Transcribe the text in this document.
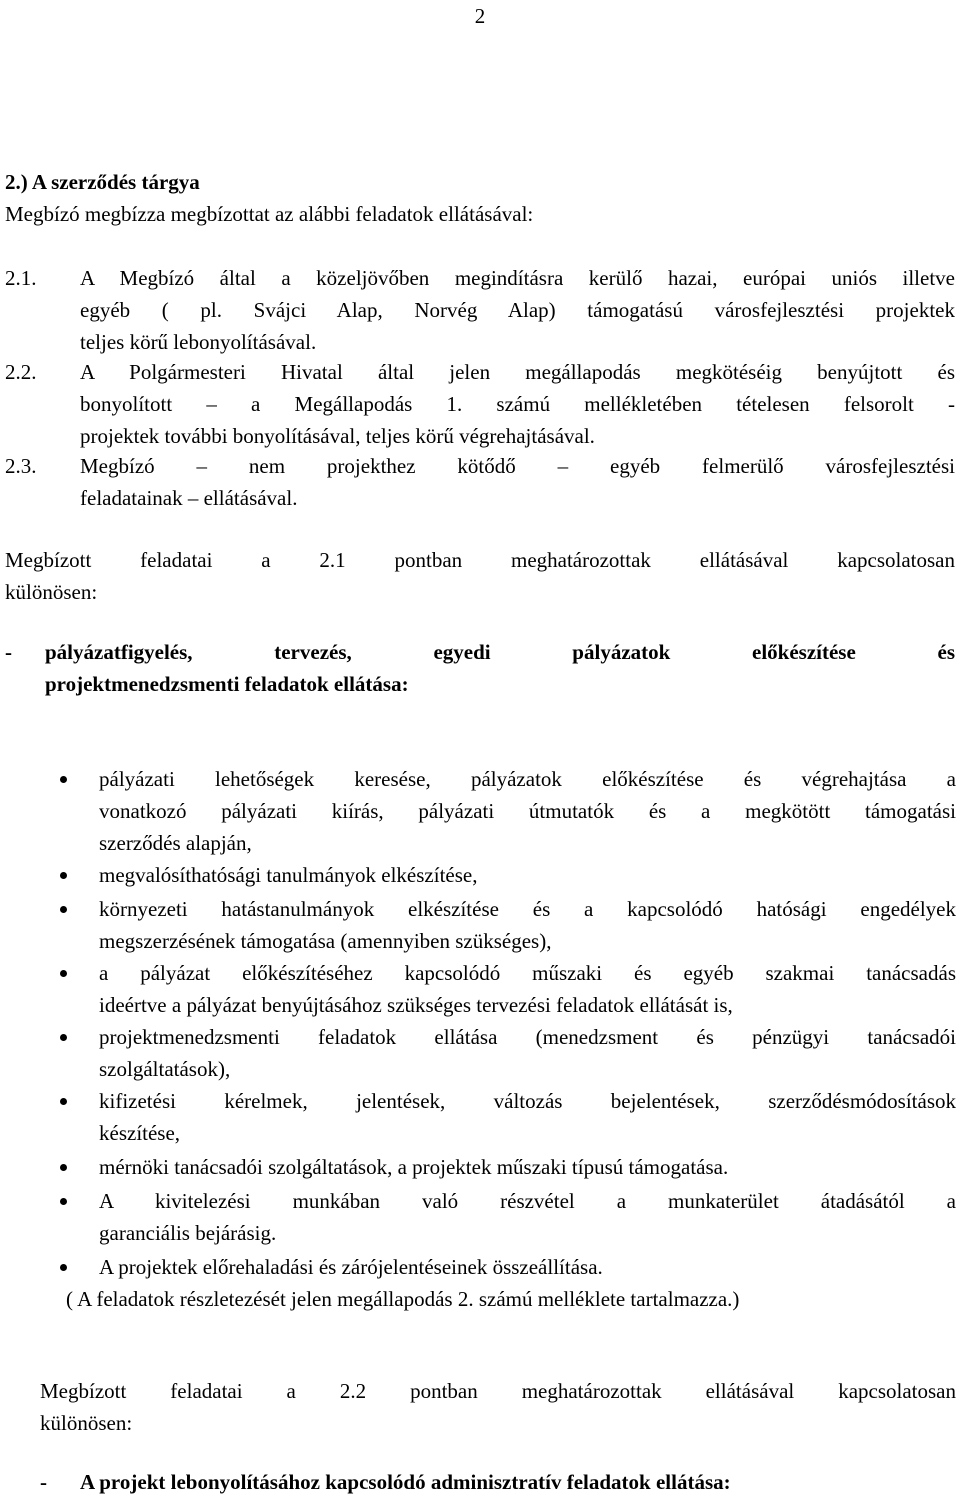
2
2.) A szerződés tárgya
Megbízó megbízza megbízottat az alábbi feladatok ellátásával:
2.1. A Megbízó által a közeljövőben megindításra kerülő hazai, európai uniós illetve
egyéb ( pl. Svájci Alap, Norvég Alap) támogatású városfejlesztési projektek
teljes körű lebonyolításával.
2.2. A Polgármesteri Hivatal által jelen megállapodás megkötéséig benyújtott és
bonyolított – a Megállapodás 1. számú mellékletében tételesen felsorolt -
projektek további bonyolításával, teljes körű végrehajtásával.
2.3. Megbízó – nem projekthez kötődő – egyéb felmerülő városfejlesztési
feladatainak – ellátásával.
Megbízott feladatai a 2.1 pontban meghatározottak ellátásával kapcsolatosan
különösen:
- pályázatfigyelés, tervezés, egyedi pályázatok előkészítése és
projektmenedzsmenti feladatok ellátása:
pályázati lehetőségek keresése, pályázatok előkészítése és végrehajtása a
vonatkozó pályázati kiírás, pályázati útmutatók és a megkötött támogatási
szerződés alapján,
megvalósíthatósági tanulmányok elkészítése,
környezeti hatástanulmányok elkészítése és a kapcsolódó hatósági engedélyek
megszerzésének támogatása (amennyiben szükséges),
a pályázat előkészítéséhez kapcsolódó műszaki és egyéb szakmai tanácsadás
ideértve a pályázat benyújtásához szükséges tervezési feladatok ellátását is,
projektmenedzsmenti feladatok ellátása (menedzsment és pénzügyi tanácsadói
szolgáltatások),
kifizetési kérelmek, jelentések, változás bejelentések, szerződésmódosítások
készítése,
mérnöki tanácsadói szolgáltatások, a projektek műszaki típusú támogatása.
A kivitelezési munkában való részvétel a munkaterület átadásától a
garanciális bejárásig.
A projektek előrehaladási és zárójelentéseinek összeállítása.
( A feladatok részletezését jelen megállapodás 2. számú melléklete tartalmazza.)
Megbízott feladatai a 2.2 pontban meghatározottak ellátásával kapcsolatosan
különösen:
- A projekt lebonyolításához kapcsolódó adminisztratív feladatok ellátása:
